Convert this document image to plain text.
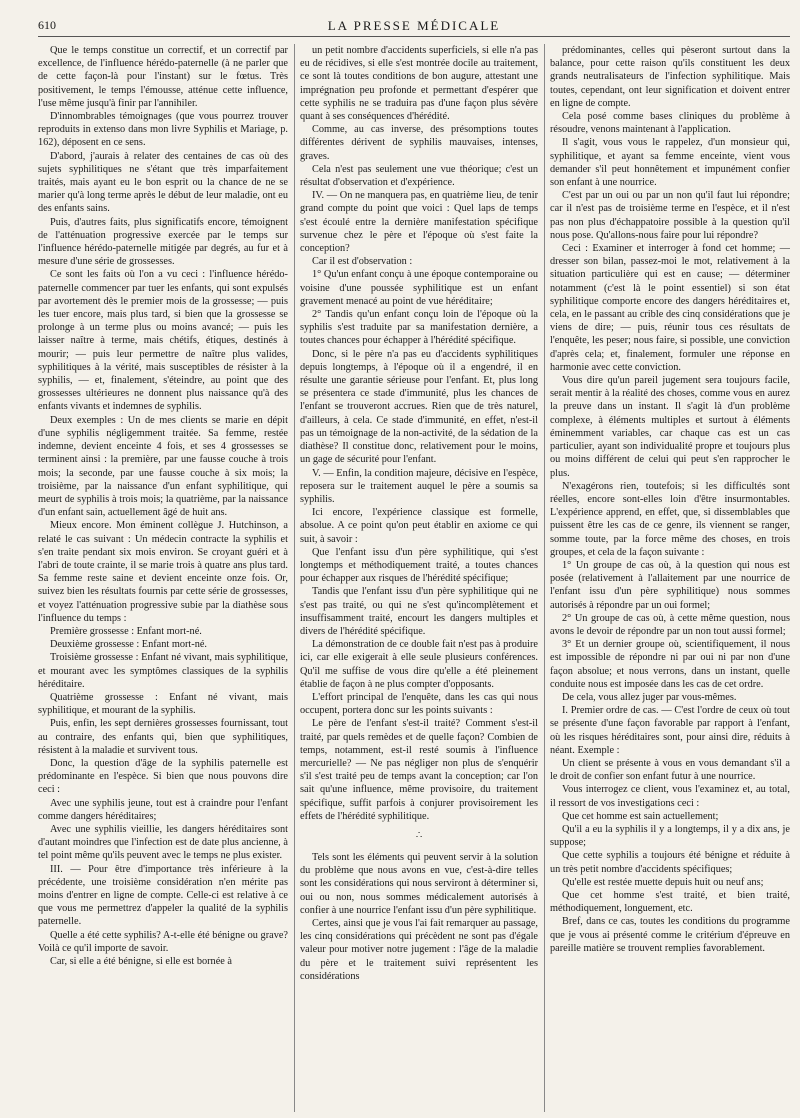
610	LA PRESSE MÉDICALE

Que le temps constitue un correctif, et un correctif par excellence, de l'influence hérédo-paternelle (à ne parler que de cette façon-là pour l'instant) sur le fœtus. Très positivement, le temps l'émousse, atténue cette influence, l'use même jusqu'à finir par l'annihiler.

D'innombrables témoignages (que vous pourrez trouver reproduits in extenso dans mon livre Syphilis et Mariage, p. 162), déposent en ce sens.

D'abord, j'aurais à relater des centaines de cas où des sujets syphilitiques ne s'étant que très imparfaitement traités, mais ayant eu le bon esprit ou la chance de ne se marier qu'à long terme après le début de leur maladie, ont eu des enfants sains.

Puis, d'autres faits, plus significatifs encore, témoignent de l'atténuation progressive exercée par le temps sur l'influence hérédo-paternelle mitigée par degrés, au fur et à mesure d'une série de grossesses.

Ce sont les faits où l'on a vu ceci : l'influence hérédo-paternelle commencer par tuer les enfants, qui sont expulsés par avortement dès le premier mois de la grossesse; — puis les tuer encore, mais plus tard, si bien que la grossesse se prolonge à un terme plus ou moins avancé; — puis les laisser naître à terme, mais chétifs, étiques, destinés à mourir; — puis leur permettre de naître plus valides, syphilitiques à la vérité, mais susceptibles de résister à la syphilis, — et, finalement, s'éteindre, au point que des grossesses ultérieures ne donnent plus naissance qu'à des enfants vivants et indemnes de syphilis.

Deux exemples : Un de mes clients se marie en dépit d'une syphilis négligemment traitée. Sa femme, restée indemne, devient enceinte 4 fois, et ses 4 grossesses se terminent ainsi : la première, par une fausse couche à trois mois; la seconde, par une fausse couche à six mois; la troisième, par la naissance d'un enfant syphilitique, qui meurt de syphilis à trois mois; la quatrième, par la naissance d'un enfant sain, actuellement âgé de huit ans.

Mieux encore. Mon éminent collègue J. Hutchinson, a relaté le cas suivant : Un médecin contracte la syphilis et s'en traite pendant six mois environ. Se croyant guéri et à l'abri de toute crainte, il se marie trois à quatre ans plus tard. Sa femme reste saine et devient enceinte onze fois. Or, suivez bien les résultats fournis par cette série de grossesses, et voyez l'atténuation progressive subie par la diathèse sous l'influence du temps :

Première grossesse : Enfant mort-né.

Deuxième grossesse : Enfant mort-né.

Troisième grossesse : Enfant né vivant, mais syphilitique, et mourant avec les symptômes classiques de la syphilis héréditaire.

Quatrième grossesse : Enfant né vivant, mais syphilitique, et mourant de la syphilis.

Puis, enfin, les sept dernières grossesses fournissant, tout au contraire, des enfants qui, bien que syphilitiques, résistent à la maladie et survivent tous.

Donc, la question d'âge de la syphilis paternelle est prédominante en l'espèce. Si bien que nous pouvons dire ceci :

Avec une syphilis jeune, tout est à craindre pour l'enfant comme dangers héréditaires;

Avec une syphilis vieillie, les dangers héréditaires sont d'autant moindres que l'infection est de date plus ancienne, à tel point même qu'ils peuvent avec le temps ne plus exister.

III. — Pour être d'importance très inférieure à la précédente, une troisième considération n'en mérite pas moins d'entrer en ligne de compte. Celle-ci est relative à ce que vous me permettrez d'appeler la qualité de la syphilis paternelle.

Quelle a été cette syphilis? A-t-elle été bénigne ou grave? Voilà ce qu'il importe de savoir.

Car, si elle a été bénigne, si elle est bornée à

un petit nombre d'accidents superficiels, si elle n'a pas eu de récidives, si elle s'est montrée docile au traitement, ce sont là toutes conditions de bon augure, attestant une imprégnation peu profonde et permettant d'espérer que cette syphilis ne se traduira pas d'une façon plus sévère quant à ses conséquences d'hérédité.

Comme, au cas inverse, des présomptions toutes différentes dérivent de syphilis mauvaises, intenses, graves.

Cela n'est pas seulement une vue théorique; c'est un résultat d'observation et d'expérience.

IV. — On ne manquera pas, en quatrième lieu, de tenir grand compte du point que voici : Quel laps de temps s'est écoulé entre la dernière manifestation spécifique survenue chez le père et l'époque où s'est faite la conception?

Car il est d'observation :

1° Qu'un enfant conçu à une époque contemporaine ou voisine d'une poussée syphilitique est un enfant gravement menacé au point de vue héréditaire;

2° Tandis qu'un enfant conçu loin de l'époque où la syphilis s'est traduite par sa manifestation dernière, a toutes chances pour échapper à l'hérédité spécifique.

Donc, si le père n'a pas eu d'accidents syphilitiques depuis longtemps, à l'époque où il a engendré, il en résulte une garantie sérieuse pour l'enfant. Et, plus long se présentera ce stade d'immunité, plus les chances de l'enfant se trouveront accrues. Rien que de très naturel, d'ailleurs, à cela. Ce stade d'immunité, en effet, n'est-il pas un témoignage de la non-activité, de la sédation de la diathèse? Il constitue donc, relativement pour le moins, un gage de sécurité pour l'enfant.

V. — Enfin, la condition majeure, décisive en l'espèce, reposera sur le traitement auquel le père a soumis sa syphilis.

Ici encore, l'expérience classique est formelle, absolue. A ce point qu'on peut établir en axiome ce qui suit, à savoir :

Que l'enfant issu d'un père syphilitique, qui s'est longtemps et méthodiquement traité, a toutes chances pour échapper aux risques de l'hérédité spécifique;

Tandis que l'enfant issu d'un père syphilitique qui ne s'est pas traité, ou qui ne s'est qu'incomplètement et insuffisamment traité, encourt les dangers multiples et divers de l'hérédité spécifique.

La démonstration de ce double fait n'est pas à produire ici, car elle exigerait à elle seule plusieurs conférences. Qu'il me suffise de vous dire qu'elle a été pleinement établie de façon à ne plus compter d'opposants.

L'effort principal de l'enquête, dans les cas qui nous occupent, portera donc sur les points suivants :

Le père de l'enfant s'est-il traité? Comment s'est-il traité, par quels remèdes et de quelle façon? Combien de temps, notamment, est-il resté soumis à l'influence mercurielle? — Ne pas négliger non plus de s'enquérir s'il s'est traité peu de temps avant la conception; car l'on sait qu'une influence, même provisoire, du traitement spécifique, suffit parfois à conjurer provisoirement les effets de l'hérédité syphilitique.

∴

Tels sont les éléments qui peuvent servir à la solution du problème que nous avons en vue, c'est-à-dire telles sont les considérations qui nous serviront à déterminer si, oui ou non, nous sommes médicalement autorisés à confier à une nourrice l'enfant issu d'un père syphilitique.

Certes, ainsi que je vous l'ai fait remarquer au passage, les cinq considérations qui précèdent ne sont pas d'égale valeur pour motiver notre jugement : l'âge de la maladie du père et le traitement suivi représentent les considérations

prédominantes, celles qui pèseront surtout dans la balance, pour cette raison qu'ils constituent les deux grands neutralisateurs de l'infection syphilitique. Mais toutes, cependant, ont leur signification et doivent entrer en ligne de compte.

Cela posé comme bases cliniques du problème à résoudre, venons maintenant à l'application.

Il s'agit, vous vous le rappelez, d'un monsieur qui, syphilitique, et ayant sa femme enceinte, vient vous demander s'il peut honnêtement et impunément confier son enfant à une nourrice.

C'est par un oui ou par un non qu'il faut lui répondre; car il n'est pas de troisième terme en l'espèce, et il n'est pas non plus d'échappatoire possible à la question qu'il nous pose. Qu'allons-nous faire pour lui répondre?

Ceci : Examiner et interroger à fond cet homme; — dresser son bilan, passez-moi le mot, relativement à la situation particulière qui est en cause; — déterminer notamment (c'est là le point essentiel) si son état syphilitique comporte encore des dangers héréditaires et, cela, en le passant au crible des cinq considérations que je viens de dire; — puis, réunir tous ces résultats de l'enquête, les peser; nous faire, si possible, une conviction d'après cela; et, finalement, formuler une réponse en harmonie avec cette conviction.

Vous dire qu'un pareil jugement sera toujours facile, serait mentir à la réalité des choses, comme vous en aurez la preuve dans un instant. Il s'agit là d'un problème complexe, à éléments multiples et surtout à éléments éminemment variables, car chaque cas est un cas particulier, ayant son individualité propre et toujours plus ou moins différent de celui qui peut s'en rapprocher le plus.

N'exagérons rien, toutefois; si les difficultés sont réelles, encore sont-elles loin d'être insurmontables. L'expérience apprend, en effet, que, si dissemblables que puissent être les cas de ce genre, ils viennent se ranger, somme toute, par la force même des choses, en trois groupes, et cela de la façon suivante :

1° Un groupe de cas où, à la question qui nous est posée (relativement à l'allaitement par une nourrice de l'enfant issu d'un père syphilitique) nous sommes autorisés à répondre par un oui formel;

2° Un groupe de cas où, à cette même question, nous avons le devoir de répondre par un non tout aussi formel;

3° Et un dernier groupe où, scientifiquement, il nous est impossible de répondre ni par oui ni par non d'une façon absolue; et nous verrons, dans un instant, quelle conduite nous est imposée dans les cas de cet ordre.

De cela, vous allez juger par vous-mêmes.

I. Premier ordre de cas. — C'est l'ordre de ceux où tout se présente d'une façon favorable par rapport à l'enfant, où les risques héréditaires sont, pour ainsi dire, réduits à néant. Exemple :

Un client se présente à vous en vous demandant s'il a le droit de confier son enfant futur à une nourrice.

Vous interrogez ce client, vous l'examinez et, au total, il ressort de vos investigations ceci :

Que cet homme est sain actuellement;

Qu'il a eu la syphilis il y a longtemps, il y a dix ans, je suppose;

Que cette syphilis a toujours été bénigne et réduite à un très petit nombre d'accidents spécifiques;

Qu'elle est restée muette depuis huit ou neuf ans;

Que cet homme s'est traité, et bien traité, méthodiquement, longuement, etc.

Bref, dans ce cas, toutes les conditions du programme que je vous ai présenté comme le critérium d'épreuve en pareille matière se trouvent remplies favorablement.
